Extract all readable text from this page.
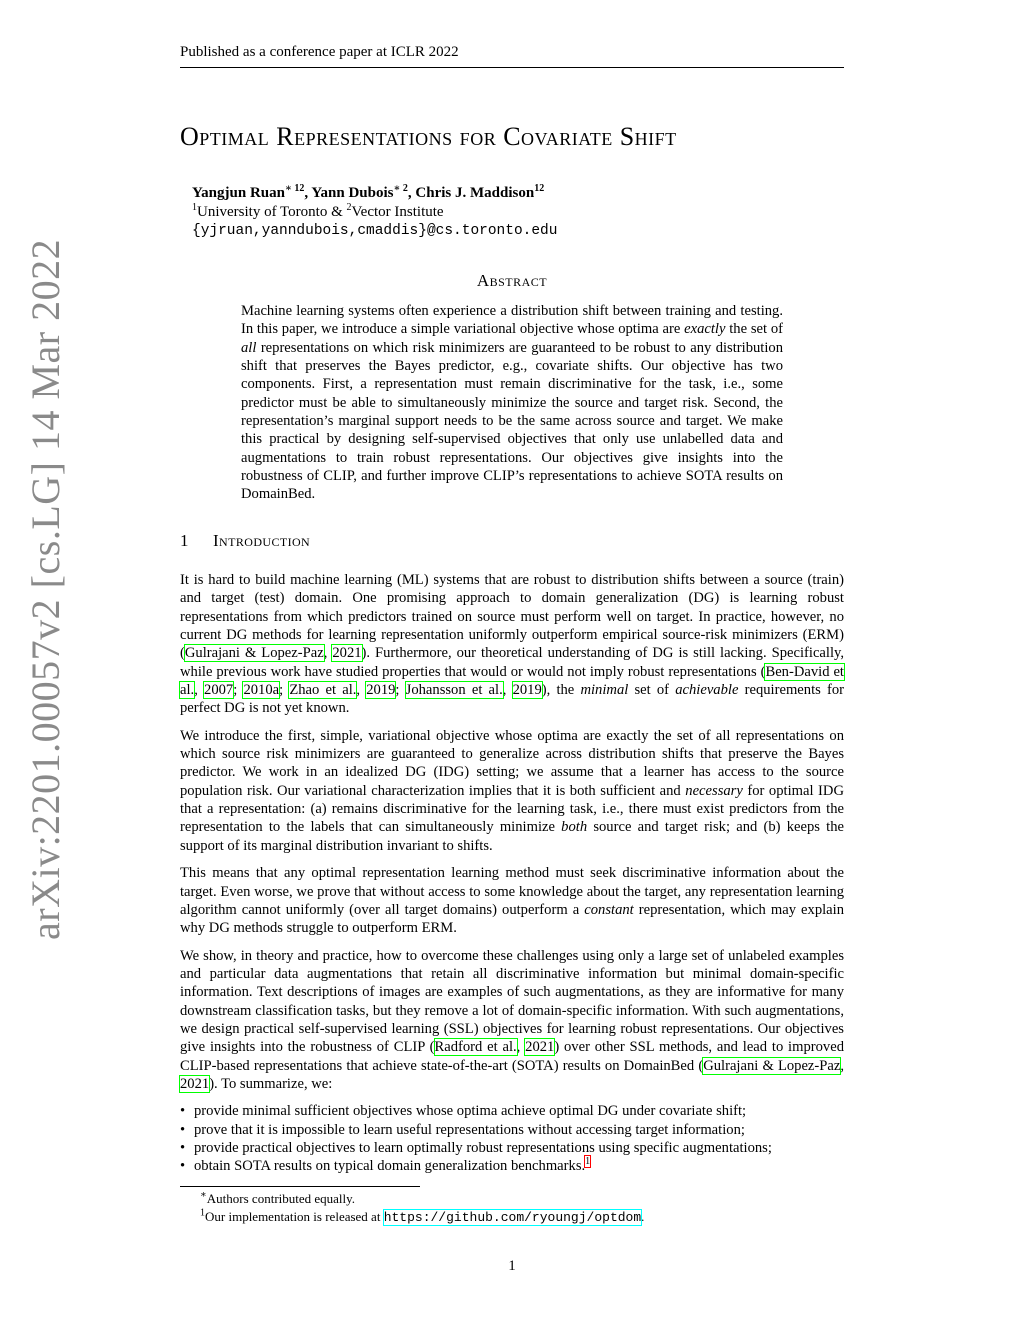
Published as a conference paper at ICLR 2022
Optimal Representations for Covariate Shift
Yangjun Ruan$^{∗ 12}$, Yann Dubois$^{∗ 2}$, Chris J. Maddison$^{12}$
$^1$University of Toronto & $^2$Vector Institute
{yjruan,yanndubois,cmaddis}@cs.toronto.edu
Abstract
Machine learning systems often experience a distribution shift between training and testing. In this paper, we introduce a simple variational objective whose optima are exactly the set of all representations on which risk minimizers are guaranteed to be robust to any distribution shift that preserves the Bayes predictor, e.g., covariate shifts. Our objective has two components. First, a representation must remain discriminative for the task, i.e., some predictor must be able to simultaneously minimize the source and target risk. Second, the representation’s marginal support needs to be the same across source and target. We make this practical by designing self-supervised objectives that only use unlabelled data and augmentations to train robust representations. Our objectives give insights into the robustness of CLIP, and further improve CLIP’s representations to achieve SOTA results on DomainBed.
1 Introduction

It is hard to build machine learning (ML) systems that are robust to distribution shifts between a source (train) and target (test) domain. One promising approach to domain generalization (DG) is learning robust representations from which predictors trained on source must perform well on target. In practice, however, no current DG methods for learning representation uniformly outperform empirical source-risk minimizers (ERM) (Gulrajani & Lopez-Paz, 2021). Furthermore, our theoretical understanding of DG is still lacking. Specifically, while previous work have studied properties that would or would not imply robust representations (Ben-David et al., 2007; 2010a; Zhao et al., 2019; Johansson et al., 2019), the minimal set of achievable requirements for perfect DG is not yet known.

We introduce the first, simple, variational objective whose optima are exactly the set of all representations on which source risk minimizers are guaranteed to generalize across distribution shifts that preserve the Bayes predictor. We work in an idealized DG (IDG) setting; we assume that a learner has access to the source population risk. Our variational characterization implies that it is both sufficient and necessary for optimal IDG that a representation: (a) remains discriminative for the learning task, i.e., there must exist predictors from the representation to the labels that can simultaneously minimize both source and target risk; and (b) keeps the support of its marginal distribution invariant to shifts.

This means that any optimal representation learning method must seek discriminative information about the target. Even worse, we prove that without access to some knowledge about the target, any representation learning algorithm cannot uniformly (over all target domains) outperform a constant representation, which may explain why DG methods struggle to outperform ERM.

We show, in theory and practice, how to overcome these challenges using only a large set of unlabeled examples and particular data augmentations that retain all discriminative information but minimal domain-specific information. Text descriptions of images are examples of such augmentations, as they are informative for many downstream classification tasks, but they remove a lot of domain-specific information. With such augmentations, we design practical self-supervised learning (SSL) objectives for learning robust representations. Our objectives give insights into the robustness of CLIP (Radford et al., 2021) over other SSL methods, and lead to improved CLIP-based representations that achieve state-of-the-art (SOTA) results on DomainBed (Gulrajani & Lopez-Paz, 2021). To summarize, we:

• provide minimal sufficient objectives whose optima achieve optimal DG under covariate shift;
• prove that it is impossible to learn useful representations without accessing target information;
• provide practical objectives to learn optimally robust representations using specific augmentations;
• obtain SOTA results on typical domain generalization benchmarks.$^1$
∗Authors contributed equally.
$^1$Our implementation is released at https://github.com/ryoungj/optdom.
1
arXiv:2201.00057v2 [cs.LG] 14 Mar 2022
